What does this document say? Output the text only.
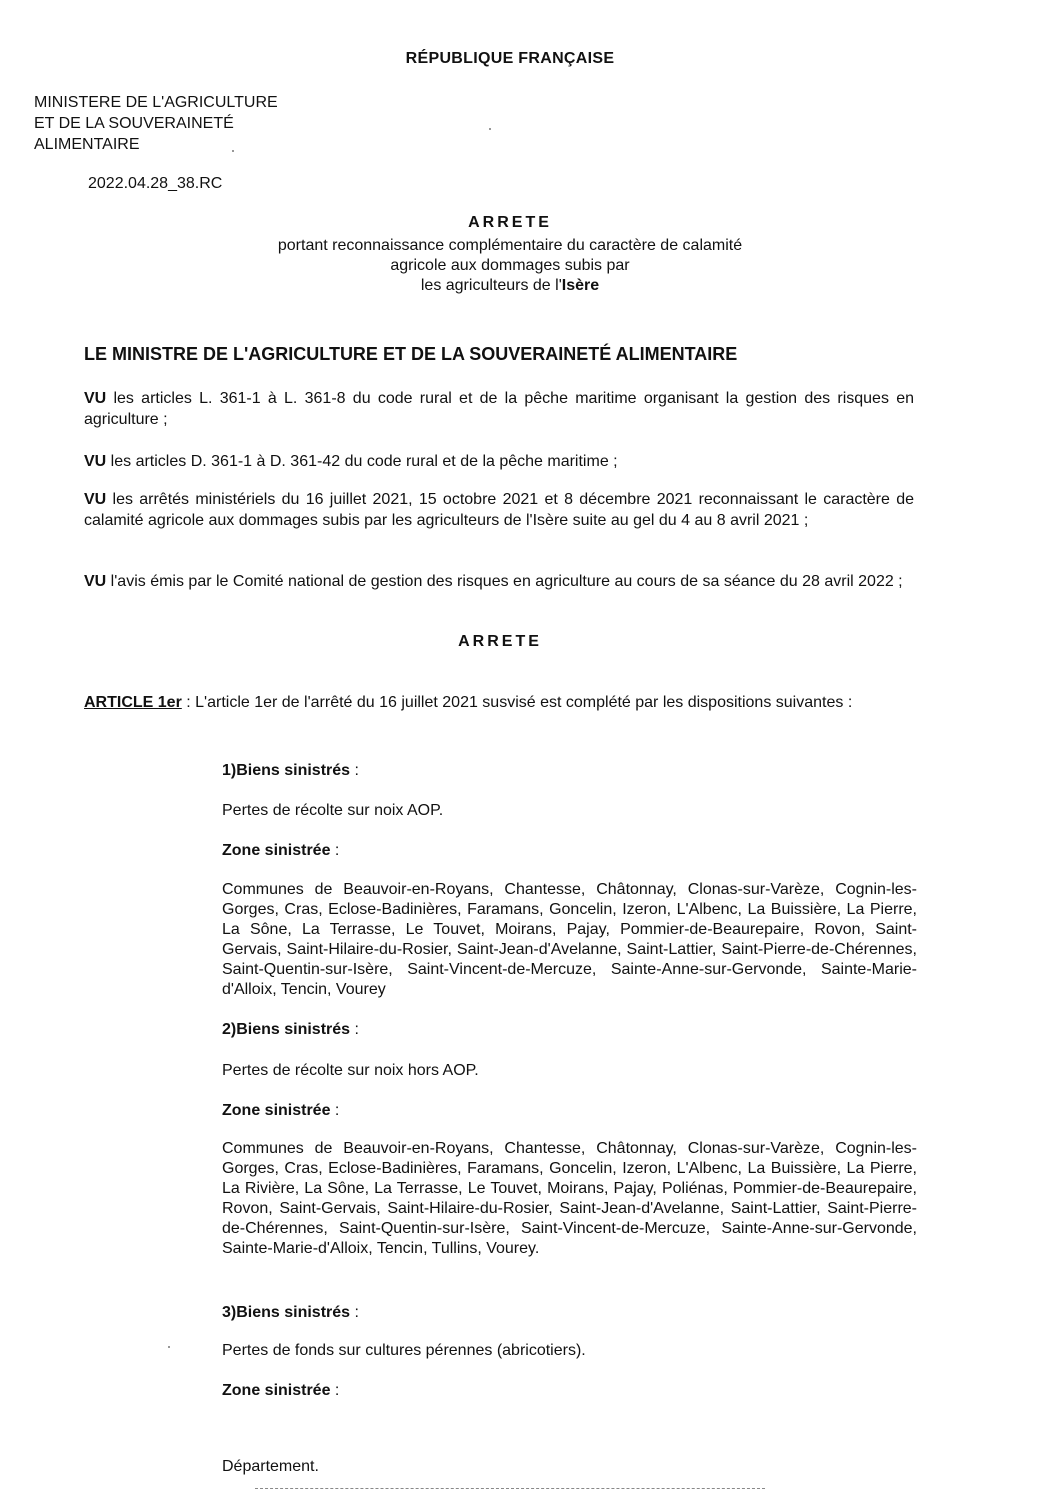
RÉPUBLIQUE FRANÇAISE
MINISTERE DE L'AGRICULTURE
ET DE LA SOUVERAINETÉ
ALIMENTAIRE
2022.04.28_38.RC
ARRETE
portant reconnaissance complémentaire du caractère de calamité
agricole aux dommages subis par
les agriculteurs de l'Isère
LE MINISTRE DE L'AGRICULTURE ET DE LA SOUVERAINETÉ ALIMENTAIRE
VU les articles L. 361-1 à L. 361-8 du code rural et de la pêche maritime organisant la gestion des risques en agriculture ;
VU les articles D. 361-1 à D. 361-42 du code rural et de la pêche maritime ;
VU les arrêtés ministériels du 16 juillet 2021, 15 octobre 2021 et 8 décembre 2021 reconnaissant le caractère de calamité agricole aux dommages subis par les agriculteurs de l'Isère suite au gel du 4 au 8 avril 2021 ;
VU l'avis émis par le Comité national de gestion des risques en agriculture au cours de sa séance du 28 avril 2022 ;
ARRETE
ARTICLE 1er : L'article 1er de l'arrêté du 16 juillet 2021 susvisé est complété par les dispositions suivantes :
1)Biens sinistrés :
Pertes de récolte sur noix AOP.
Zone sinistrée :
Communes de Beauvoir-en-Royans, Chantesse, Châtonnay, Clonas-sur-Varèze, Cognin-les-Gorges, Cras, Eclose-Badinières, Faramans, Goncelin, Izeron, L'Albenc, La Buissière, La Pierre, La Sône, La Terrasse, Le Touvet, Moirans, Pajay, Pommier-de-Beaurepaire, Rovon, Saint-Gervais, Saint-Hilaire-du-Rosier, Saint-Jean-d'Avelanne, Saint-Lattier, Saint-Pierre-de-Chérennes, Saint-Quentin-sur-Isère, Saint-Vincent-de-Mercuze, Sainte-Anne-sur-Gervonde, Sainte-Marie-d'Alloix, Tencin, Vourey
2)Biens sinistrés :
Pertes de récolte sur noix hors AOP.
Zone sinistrée :
Communes de Beauvoir-en-Royans, Chantesse, Châtonnay, Clonas-sur-Varèze, Cognin-les-Gorges, Cras, Eclose-Badinières, Faramans, Goncelin, Izeron, L'Albenc, La Buissière, La Pierre, La Rivière, La Sône, La Terrasse, Le Touvet, Moirans, Pajay, Poliénas, Pommier-de-Beaurepaire, Rovon, Saint-Gervais, Saint-Hilaire-du-Rosier, Saint-Jean-d'Avelanne, Saint-Lattier, Saint-Pierre-de-Chérennes, Saint-Quentin-sur-Isère, Saint-Vincent-de-Mercuze, Sainte-Anne-sur-Gervonde, Sainte-Marie-d'Alloix, Tencin, Tullins, Vourey.
3)Biens sinistrés :
Pertes de fonds sur cultures pérennes (abricotiers).
Zone sinistrée :
Département.
